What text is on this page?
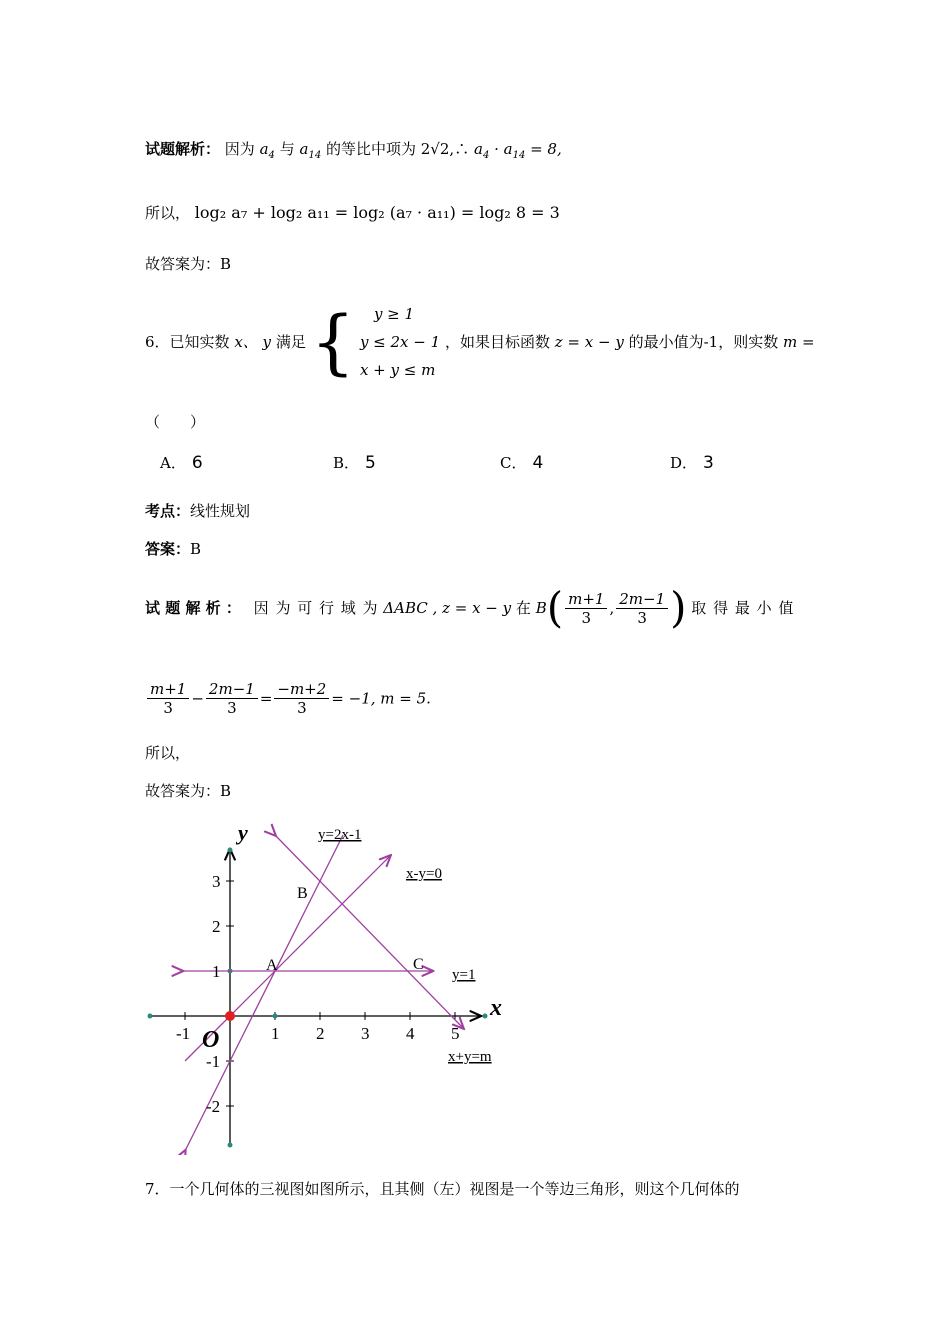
试题解析： 因为 $a_4$ 与 $a_{14}$ 的等比中项为 2√2,∴ $a_4 \cdot a_{14} = 8$,
所以， log₂ a₇ + log₂ a₁₁ = log₂ (a₇ · a₁₁) = log₂ 8 = 3
故答案为：B
6．已知实数 x、 y 满足 {	y ≥ 1
y ≤ 2x − 1
x + y ≤ m
，如果目标函数 z = x − y 的最小值为-1，则实数 m =
（　　）
A． 6	B． 5	C． 4	D． 3
考点：线性规划
答案：B
试 题 解 析 ： 因 为 可 行 域 为 ΔABC , z = x − y 在 $B( \frac{m+1}{3}$ , $\frac{2m-1}{3}$ ) 取 得 最 小 值
$\frac{m+1}{3} - \frac{2m-1}{3} = \frac{-m+2}{3} = -1$, m = 5.
所以，
故答案为：B
-1	1 2 3 4 5
3
2
1
-1
-2
y
x
O
A
B
C
y=2x-1
x-y=0
y=1
x+y=m
7．一个几何体的三视图如图所示，且其侧（左）视图是一个等边三角形，则这个几何体的
